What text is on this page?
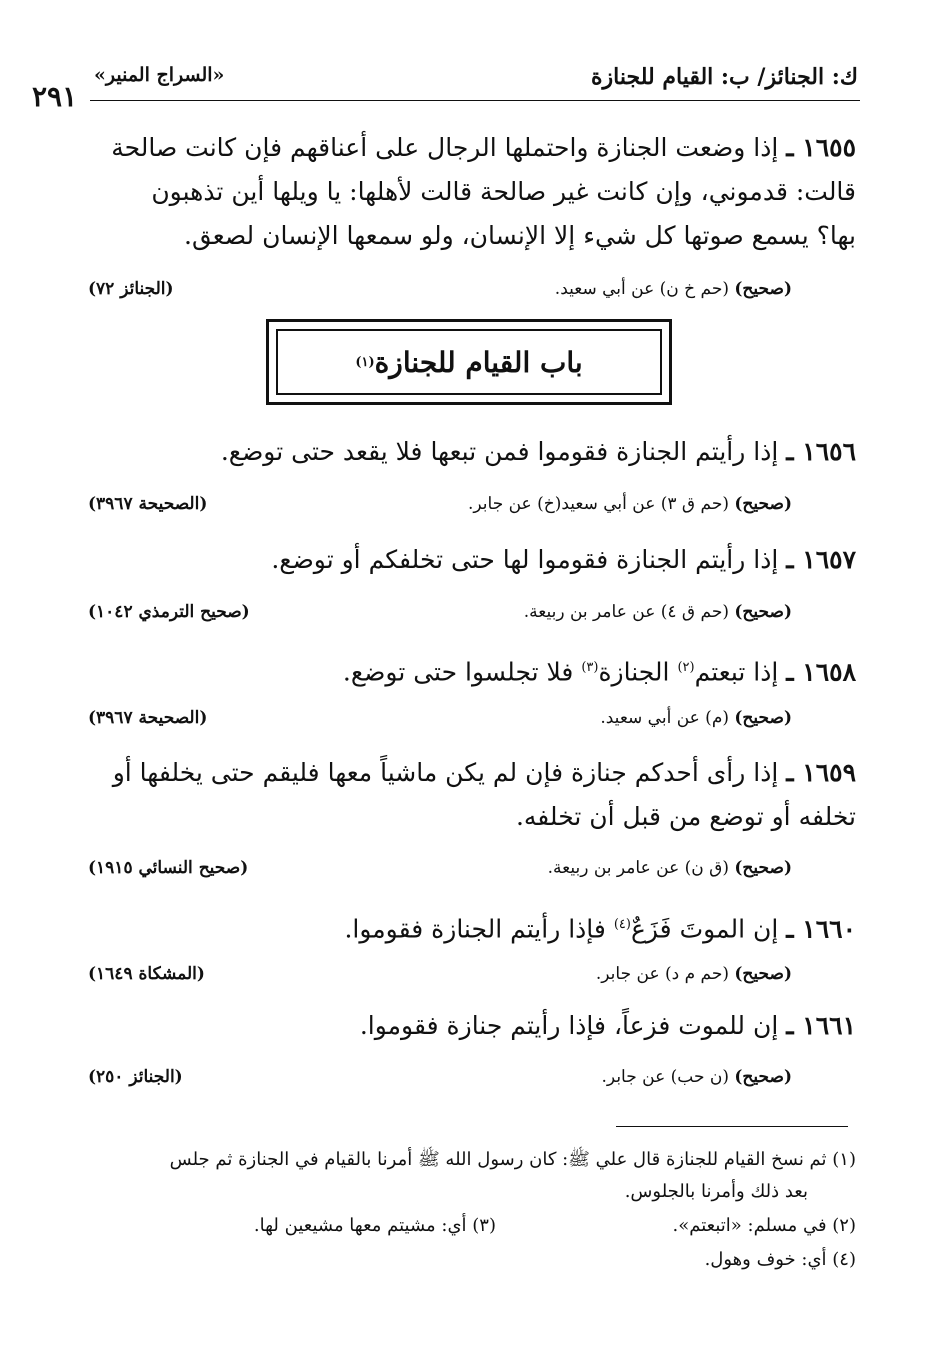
ك: الجنائز/ ب: القيام للجنازة
«السراج المنير»
٢٩١
١٦٥٥ ـ إذا وضعت الجنازة واحتملها الرجال على أعناقهم فإن كانت صالحة
قالت: قدموني، وإن كانت غير صالحة قالت لأهلها: يا ويلها أين تذهبون
بها؟ يسمع صوتها كل شيء إلا الإنسان، ولو سمعها الإنسان لصعق.
(صحيح) (حم خ ن) عن أبي سعيد.
(الجنائز ٧٢)
باب القيام للجنازة
(١)
١٦٥٦ ـ إذا رأيتم الجنازة فقوموا فمن تبعها فلا يقعد حتى توضع.
(صحيح) (حم ق ٣) عن أبي سعيد(خ) عن جابر.
(الصحيحة ٣٩٦٧)
١٦٥٧ ـ إذا رأيتم الجنازة فقوموا لها حتى تخلفكم أو توضع.
(صحيح) (حم ق ٤) عن عامر بن ربيعة.
(صحيح الترمذي ١٠٤٢)
١٦٥٨ ـ إذا تبعتم$^{(٢)}$ الجنازة$^{(٣)}$ فلا تجلسوا حتى توضع.
(صحيح) (م) عن أبي سعيد.
(الصحيحة ٣٩٦٧)
١٦٥٩ ـ إذا رأى أحدكم جنازة فإن لم يكن ماشياً معها فليقم حتى يخلفها أو
تخلفه أو توضع من قبل أن تخلفه.
(صحيح) (ق ن) عن عامر بن ربيعة.
(صحيح النسائي ١٩١٥)
١٦٦٠ ـ إن الموتَ فَزَعٌ$^{(٤)}$ فإذا رأيتم الجنازة فقوموا.
(صحيح) (حم م د) عن جابر.
(المشكاة ١٦٤٩)
١٦٦١ ـ إن للموت فزعاً، فإذا رأيتم جنازة فقوموا.
(صحيح) (ن حب) عن جابر.
(الجنائز ٢٥٠)
(١) ثم نسخ القيام للجنازة قال علي ﷺ: كان رسول الله ﷺ أمرنا بالقيام في الجنازة ثم جلس
بعد ذلك وأمرنا بالجلوس.
(٢) في مسلم: «اتبعتم».
(٣) أي: مشيتم معها مشيعين لها.
(٤) أي: خوف وهول.
